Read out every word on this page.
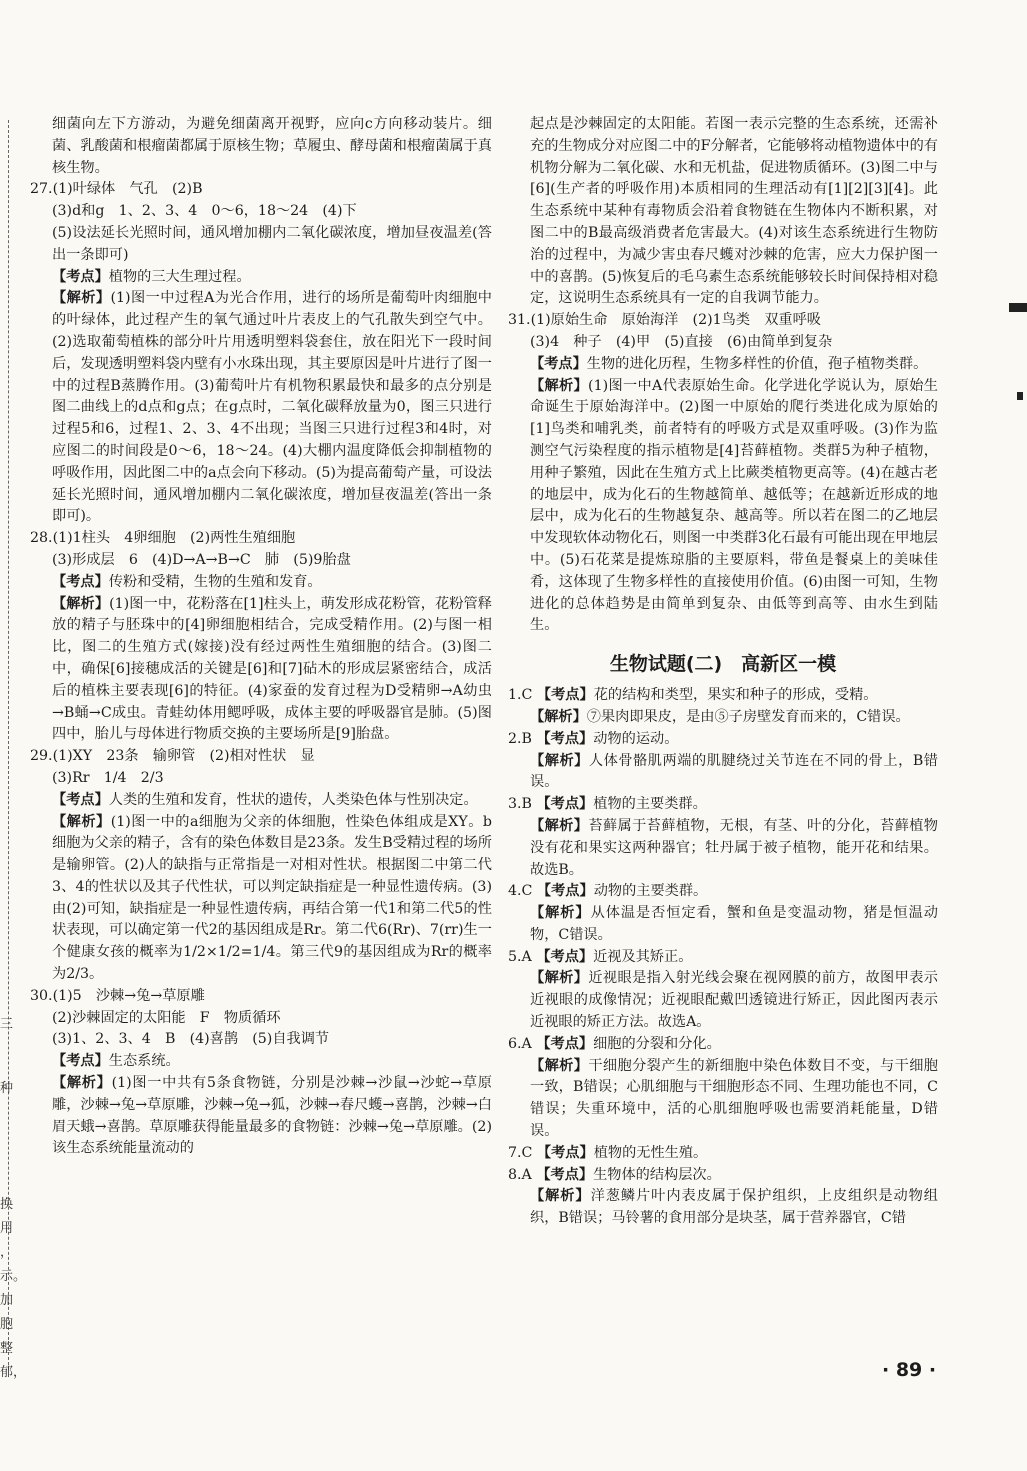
三
种
换
用
，
示。
加
胞
整
郁，

细菌向左下方游动，为避免细菌离开视野，应向c方向移动装片。细菌、乳酸菌和根瘤菌都属于原核生物；草履虫、酵母菌和根瘤菌属于真核生物。

27.(1)叶绿体　气孔　(2)B

(3)d和g　1、2、3、4　0～6，18～24　(4)下

(5)设法延长光照时间，通风增加棚内二氧化碳浓度，增加昼夜温差(答出一条即可)

【考点】植物的三大生理过程。

【解析】(1)图一中过程A为光合作用，进行的场所是葡萄叶肉细胞中的叶绿体，此过程产生的氧气通过叶片表皮上的气孔散失到空气中。(2)选取葡萄植株的部分叶片用透明塑料袋套住，放在阳光下一段时间后，发现透明塑料袋内壁有小水珠出现，其主要原因是叶片进行了图一中的过程B蒸腾作用。(3)葡萄叶片有机物积累最快和最多的点分别是图二曲线上的d点和g点；在g点时，二氧化碳释放量为0，图三只进行过程5和6，过程1、2、3、4不出现；当图三只进行过程3和4时，对应图二的时间段是0～6，18～24。(4)大棚内温度降低会抑制植物的呼吸作用，因此图二中的a点会向下移动。(5)为提高葡萄产量，可设法延长光照时间，通风增加棚内二氧化碳浓度，增加昼夜温差(答出一条即可)。

28.(1)1柱头　4卵细胞　(2)两性生殖细胞

(3)形成层　6　(4)D→A→B→C　肺　(5)9胎盘

【考点】传粉和受精，生物的生殖和发育。

【解析】(1)图一中，花粉落在[1]柱头上，萌发形成花粉管，花粉管释放的精子与胚珠中的[4]卵细胞相结合，完成受精作用。(2)与图一相比，图二的生殖方式(嫁接)没有经过两性生殖细胞的结合。(3)图二中，确保[6]接穗成活的关键是[6]和[7]砧木的形成层紧密结合，成活后的植株主要表现[6]的特征。(4)家蚕的发育过程为D受精卵→A幼虫→B蛹→C成虫。青蛙幼体用鳃呼吸，成体主要的呼吸器官是肺。(5)图四中，胎儿与母体进行物质交换的主要场所是[9]胎盘。

29.(1)XY　23条　输卵管　(2)相对性状　显

(3)Rr　1/4　2/3

【考点】人类的生殖和发育，性状的遗传，人类染色体与性别决定。

【解析】(1)图一中的a细胞为父亲的体细胞，性染色体组成是XY。b细胞为父亲的精子，含有的染色体数目是23条。发生B受精过程的场所是输卵管。(2)人的缺指与正常指是一对相对性状。根据图二中第二代3、4的性状以及其子代性状，可以判定缺指症是一种显性遗传病。(3)由(2)可知，缺指症是一种显性遗传病，再结合第一代1和第二代5的性状表现，可以确定第一代2的基因组成是Rr。第二代6(Rr)、7(rr)生一个健康女孩的概率为1/2×1/2=1/4。第三代9的基因组成为Rr的概率为2/3。

30.(1)5　沙棘→兔→草原雕

(2)沙棘固定的太阳能　F　物质循环

(3)1、2、3、4　B　(4)喜鹊　(5)自我调节

【考点】生态系统。

【解析】(1)图一中共有5条食物链，分别是沙棘→沙鼠→沙蛇→草原雕，沙棘→兔→草原雕，沙棘→兔→狐，沙棘→春尺蠖→喜鹊，沙棘→白眉天蛾→喜鹊。草原雕获得能量最多的食物链：沙棘→兔→草原雕。(2)该生态系统能量流动的

起点是沙棘固定的太阳能。若图一表示完整的生态系统，还需补充的生物成分对应图二中的F分解者，它能够将动植物遗体中的有机物分解为二氧化碳、水和无机盐，促进物质循环。(3)图二中与[6](生产者的呼吸作用)本质相同的生理活动有[1][2][3][4]。此生态系统中某种有毒物质会沿着食物链在生物体内不断积累，对图二中的B最高级消费者危害最大。(4)对该生态系统进行生物防治的过程中，为减少害虫春尺蠖对沙棘的危害，应大力保护图一中的喜鹊。(5)恢复后的毛乌素生态系统能够较长时间保持相对稳定，这说明生态系统具有一定的自我调节能力。

31.(1)原始生命　原始海洋　(2)1鸟类　双重呼吸

(3)4　种子　(4)甲　(5)直接　(6)由简单到复杂

【考点】生物的进化历程，生物多样性的价值，孢子植物类群。

【解析】(1)图一中A代表原始生命。化学进化学说认为，原始生命诞生于原始海洋中。(2)图一中原始的爬行类进化成为原始的[1]鸟类和哺乳类，前者特有的呼吸方式是双重呼吸。(3)作为监测空气污染程度的指示植物是[4]苔藓植物。类群5为种子植物，用种子繁殖，因此在生殖方式上比蕨类植物更高等。(4)在越古老的地层中，成为化石的生物越简单、越低等；在越新近形成的地层中，成为化石的生物越复杂、越高等。所以若在图二的乙地层中发现软体动物化石，则图一中类群3化石最有可能出现在甲地层中。(5)石花菜是提炼琼脂的主要原料，带鱼是餐桌上的美味佳肴，这体现了生物多样性的直接使用价值。(6)由图一可知，生物进化的总体趋势是由简单到复杂、由低等到高等、由水生到陆生。

生物试题(二)　高新区一模

1.C 【考点】花的结构和类型，果实和种子的形成，受精。

【解析】⑦果肉即果皮，是由⑤子房壁发育而来的，C错误。

2.B 【考点】动物的运动。

【解析】人体骨骼肌两端的肌腱绕过关节连在不同的骨上，B错误。

3.B 【考点】植物的主要类群。

【解析】苔藓属于苔藓植物，无根，有茎、叶的分化，苔藓植物没有花和果实这两种器官；牡丹属于被子植物，能开花和结果。故选B。

4.C 【考点】动物的主要类群。

【解析】从体温是否恒定看，蟹和鱼是变温动物，猪是恒温动物，C错误。

5.A 【考点】近视及其矫正。

【解析】近视眼是指入射光线会聚在视网膜的前方，故图甲表示近视眼的成像情况；近视眼配戴凹透镜进行矫正，因此图丙表示近视眼的矫正方法。故选A。

6.A 【考点】细胞的分裂和分化。

【解析】干细胞分裂产生的新细胞中染色体数目不变，与干细胞一致，B错误；心肌细胞与干细胞形态不同、生理功能也不同，C错误；失重环境中，活的心肌细胞呼吸也需要消耗能量，D错误。

7.C 【考点】植物的无性生殖。

8.A 【考点】生物体的结构层次。

【解析】洋葱鳞片叶内表皮属于保护组织，上皮组织是动物组织，B错误；马铃薯的食用部分是块茎，属于营养器官，C错

· 89 ·
